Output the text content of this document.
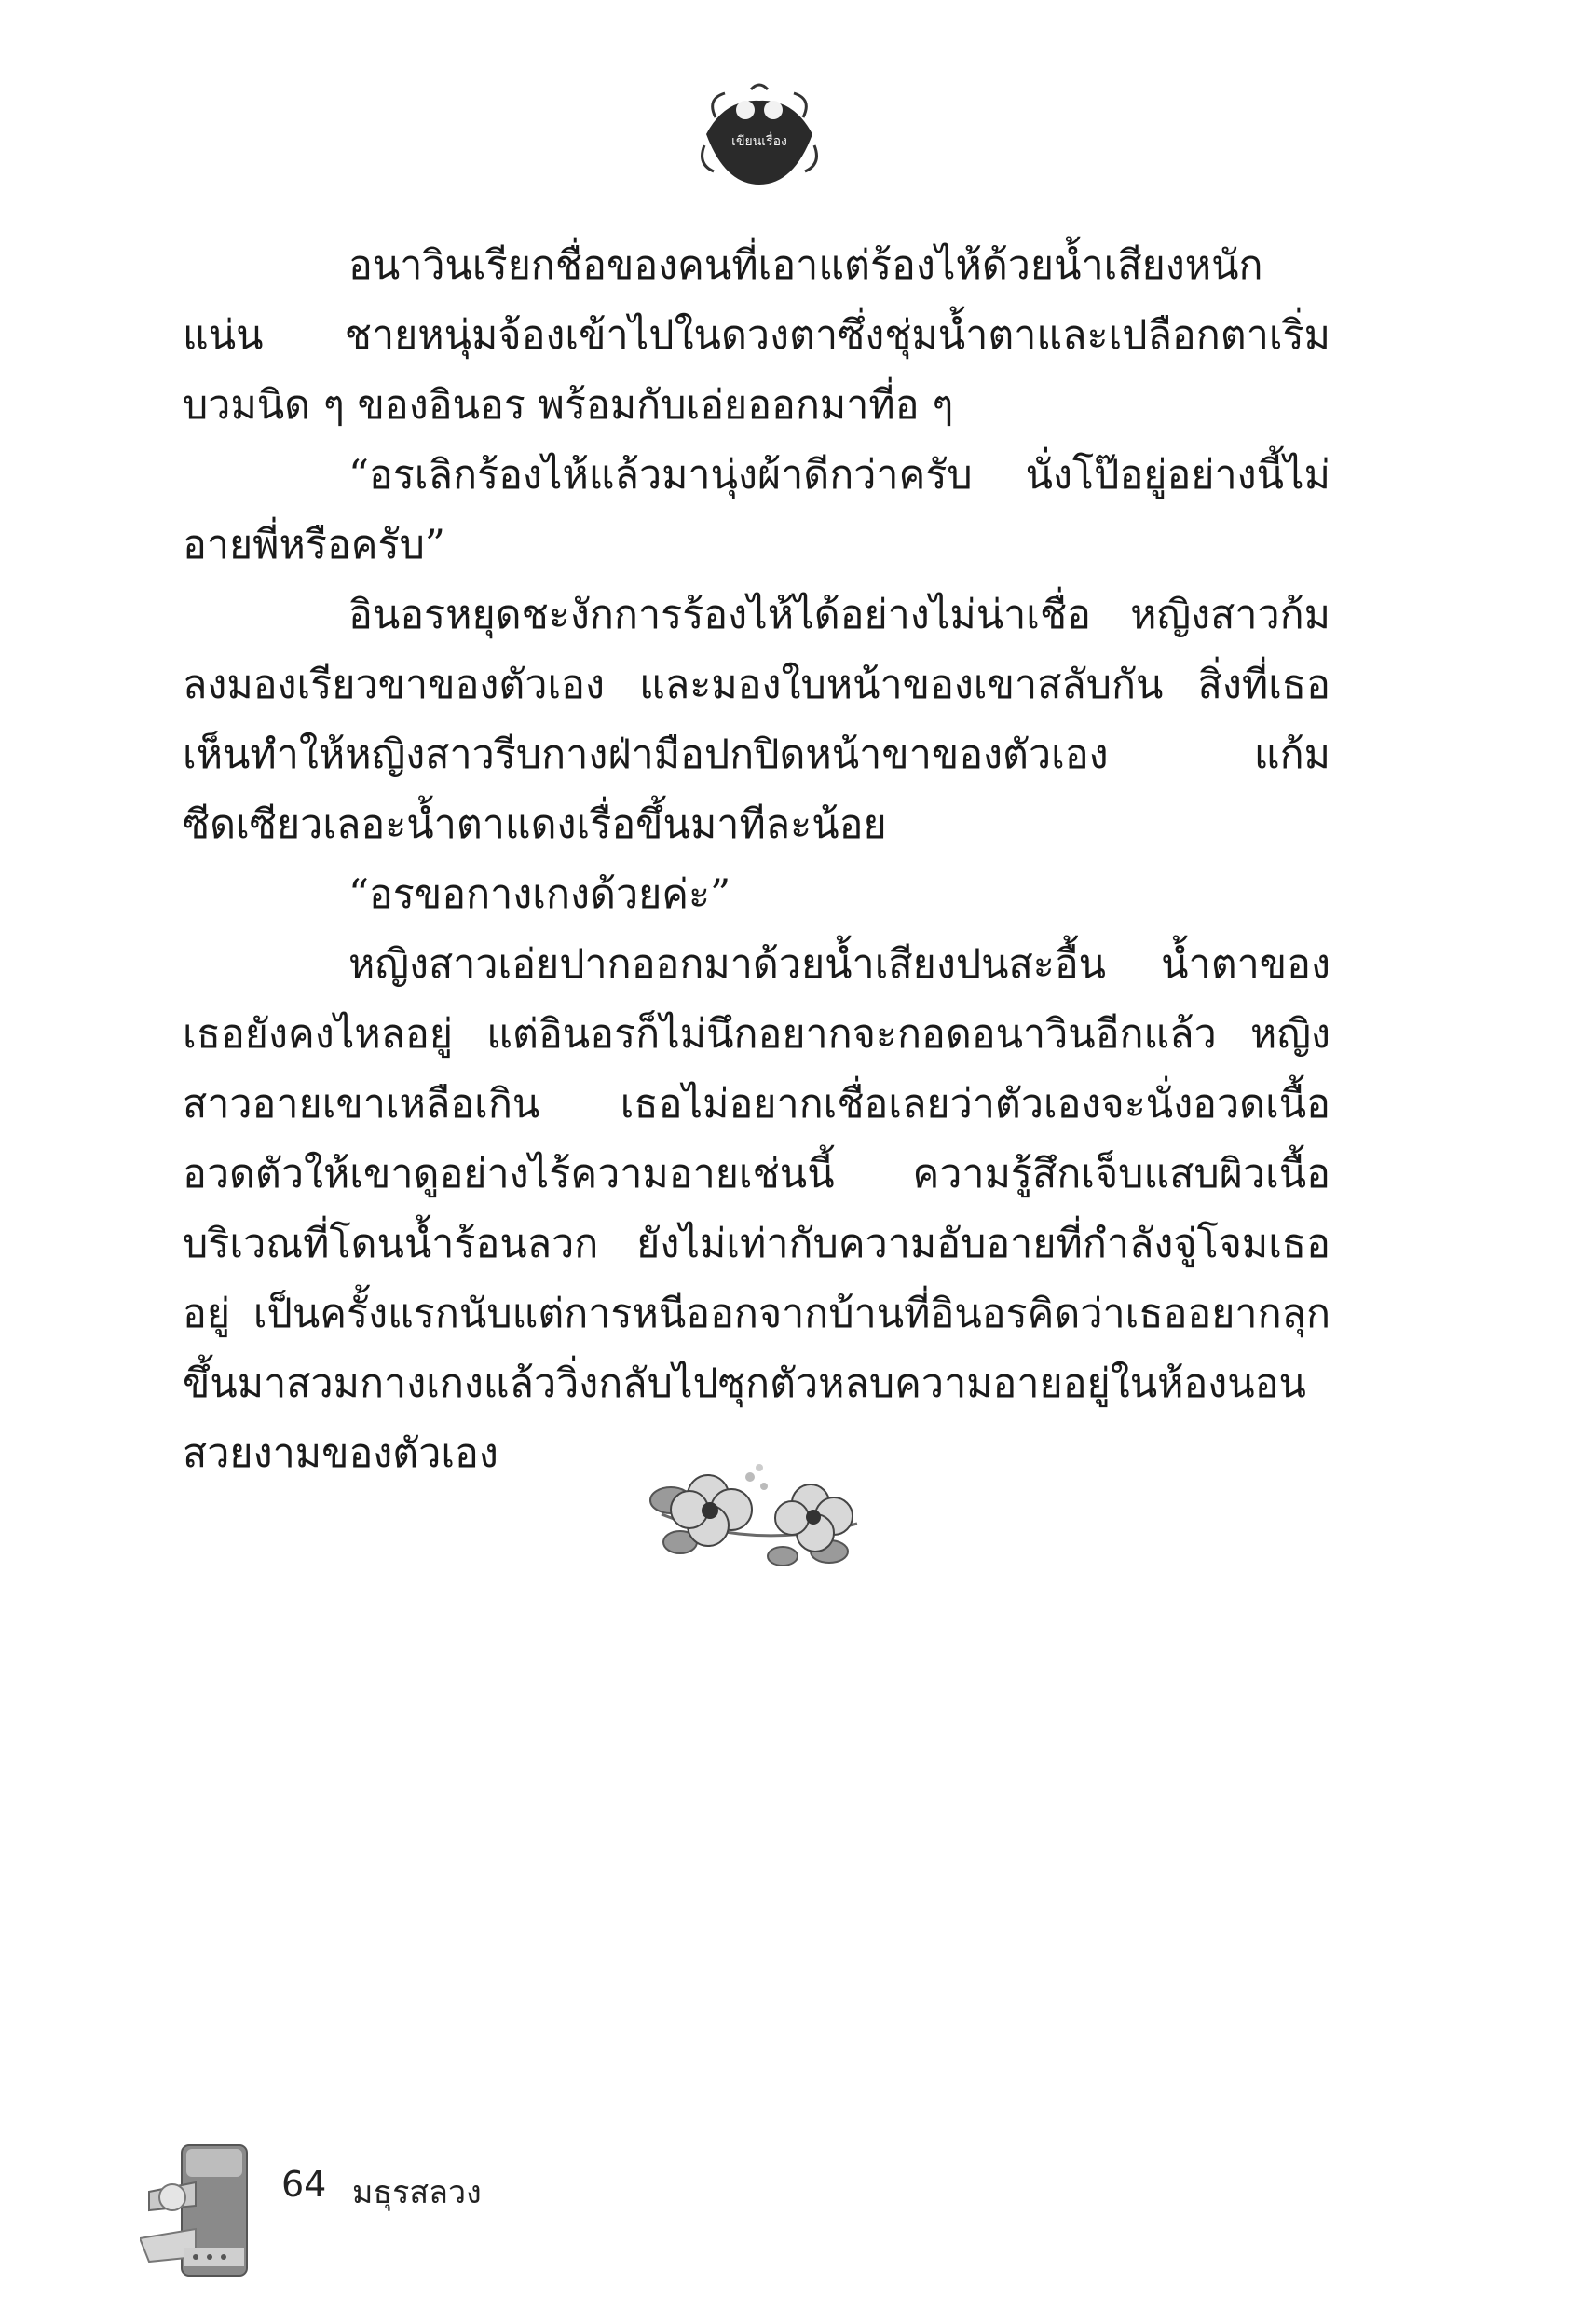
เขียนเรื่อง

อนาวินเรียกชื่อของคนที่เอาแต่ร้องไห้ด้วยน้ำเสียงหนักแน่น ชายหนุ่มจ้องเข้าไปในดวงตาซึ่งชุ่มน้ำตาและเปลือกตาเริ่มบวมนิด ๆ ของอินอร พร้อมกับเอ่ยออกมาที่อ ๆ

“อรเลิกร้องไห้แล้วมานุ่งผ้าดีกว่าครับ นั่งโป๊อยู่อย่างนี้ไม่อายพี่หรือครับ”

อินอรหยุดชะงักการร้องไห้ได้อย่างไม่น่าเชื่อ หญิงสาวก้มลงมองเรียวขาของตัวเอง และมองใบหน้าของเขาสลับกัน สิ่งที่เธอเห็นทำให้หญิงสาวรีบกางฝ่ามือปกปิดหน้าขาของตัวเอง แก้มซีดเซียวเลอะน้ำตาแดงเรื่อขึ้นมาทีละน้อย

“อรขอกางเกงด้วยค่ะ”

หญิงสาวเอ่ยปากออกมาด้วยน้ำเสียงปนสะอื้น น้ำตาของเธอยังคงไหลอยู่ แต่อินอรก็ไม่นึกอยากจะกอดอนาวินอีกแล้ว หญิงสาวอายเขาเหลือเกิน เธอไม่อยากเชื่อเลยว่าตัวเองจะนั่งอวดเนื้ออวดตัวให้เขาดูอย่างไร้ความอายเช่นนี้ ความรู้สึกเจ็บแสบผิวเนื้อบริเวณที่โดนน้ำร้อนลวก ยังไม่เท่ากับความอับอายที่กำลังจู่โจมเธออยู่ เป็นครั้งแรกนับแต่การหนีออกจากบ้านที่อินอรคิดว่าเธออยากลุกขึ้นมาสวมกางเกงแล้ววิ่งกลับไปซุกตัวหลบความอายอยู่ในห้องนอนสวยงามของตัวเอง

64 มธุรสลวง
